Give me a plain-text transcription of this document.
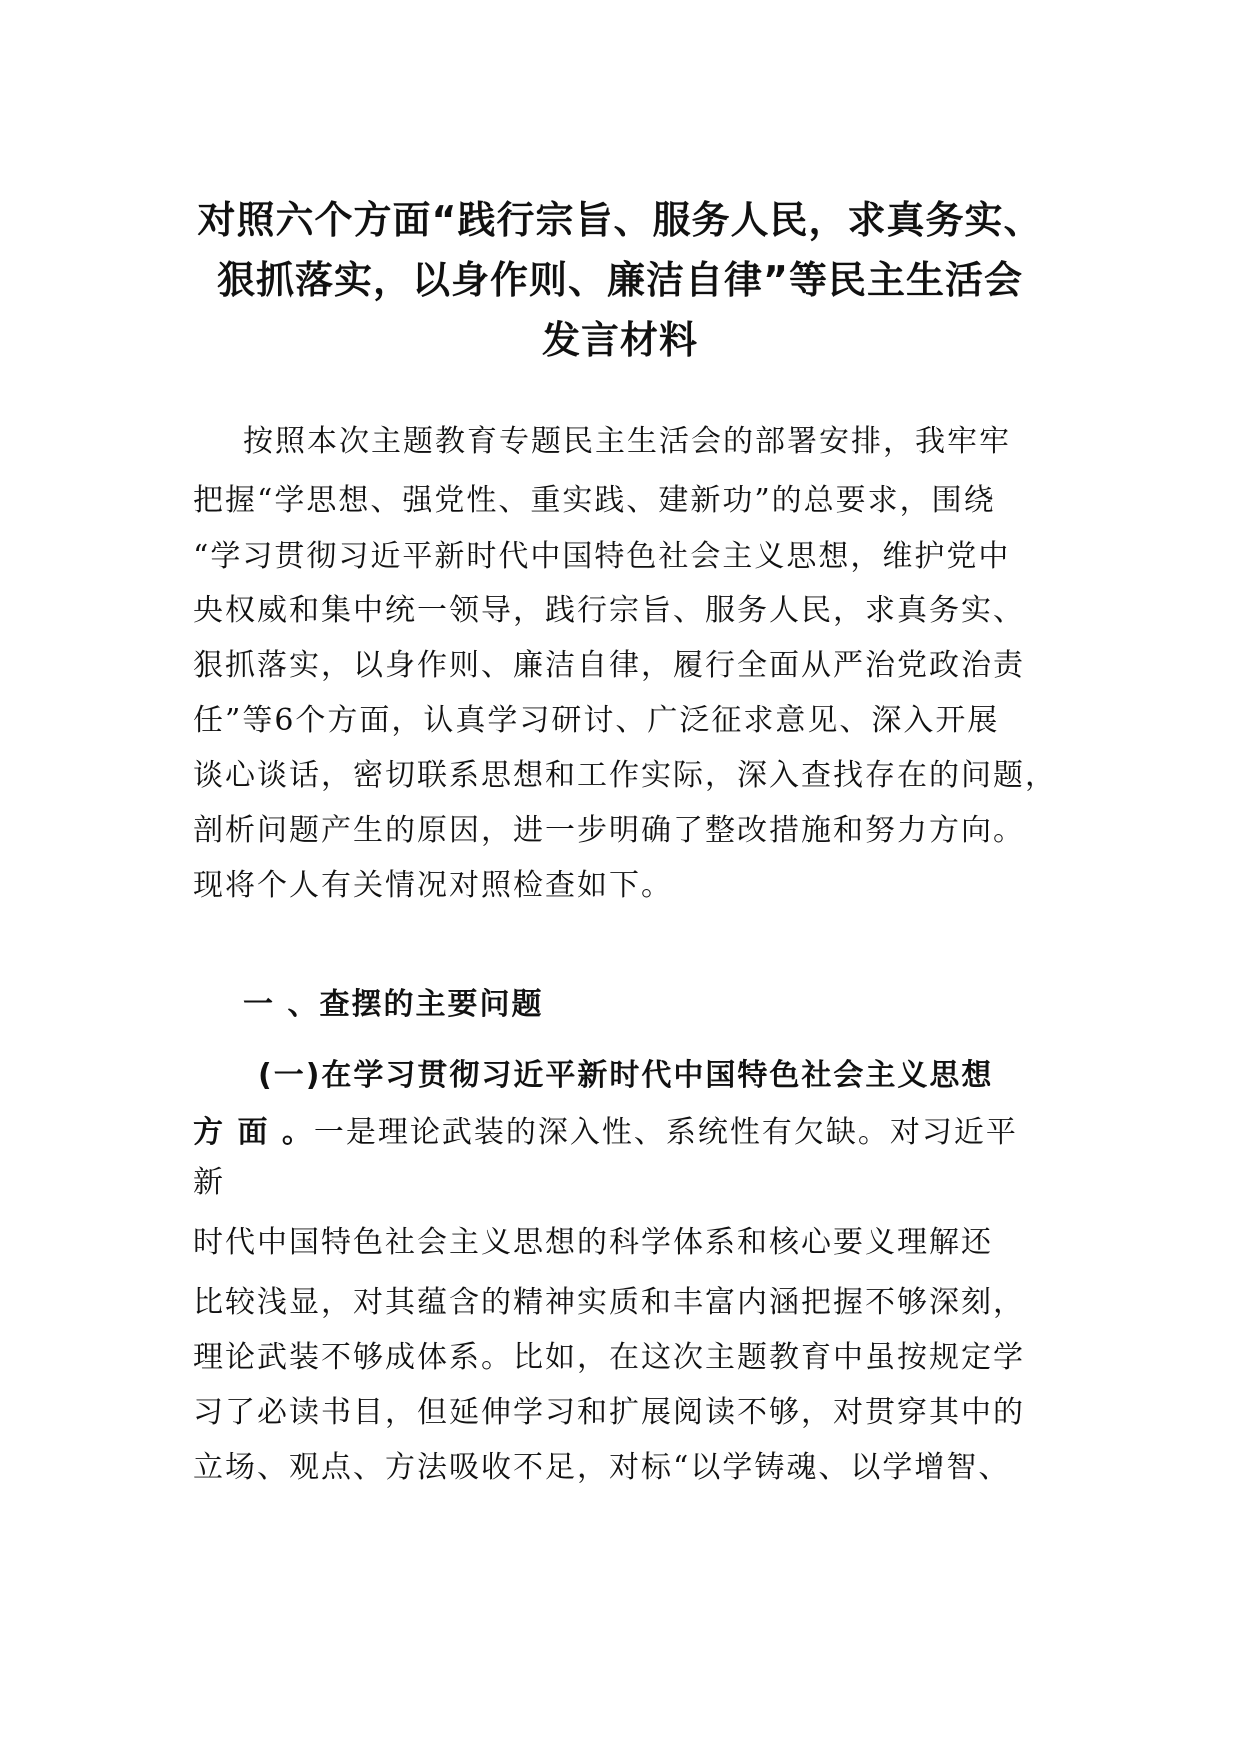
对照六个方面“践行宗旨、服务人民，求真务实、
狠抓落实，以身作则、廉洁自律”等民主生活会
发言材料
按照本次主题教育专题民主生活会的部署安排，我牢牢
把握“学思想、强党性、重实践、建新功”的总要求，围绕
“学习贯彻习近平新时代中国特色社会主义思想，维护党中
央权威和集中统一领导，践行宗旨、服务人民，求真务实、
狠抓落实，以身作则、廉洁自律，履行全面从严治党政治责
任”等6个方面，认真学习研讨、广泛征求意见、深入开展
谈心谈话，密切联系思想和工作实际，深入查找存在的问题，
剖析问题产生的原因，进一步明确了整改措施和努力方向。
现将个人有关情况对照检查如下。
一 、查摆的主要问题
(一)在学习贯彻习近平新时代中国特色社会主义思想
方 面 。一是理论武装的深入性、系统性有欠缺。对习近平
新
时代中国特色社会主义思想的科学体系和核心要义理解还
比较浅显，对其蕴含的精神实质和丰富内涵把握不够深刻，
理论武装不够成体系。比如，在这次主题教育中虽按规定学
习了必读书目，但延伸学习和扩展阅读不够，对贯穿其中的
立场、观点、方法吸收不足，对标“以学铸魂、以学增智、
